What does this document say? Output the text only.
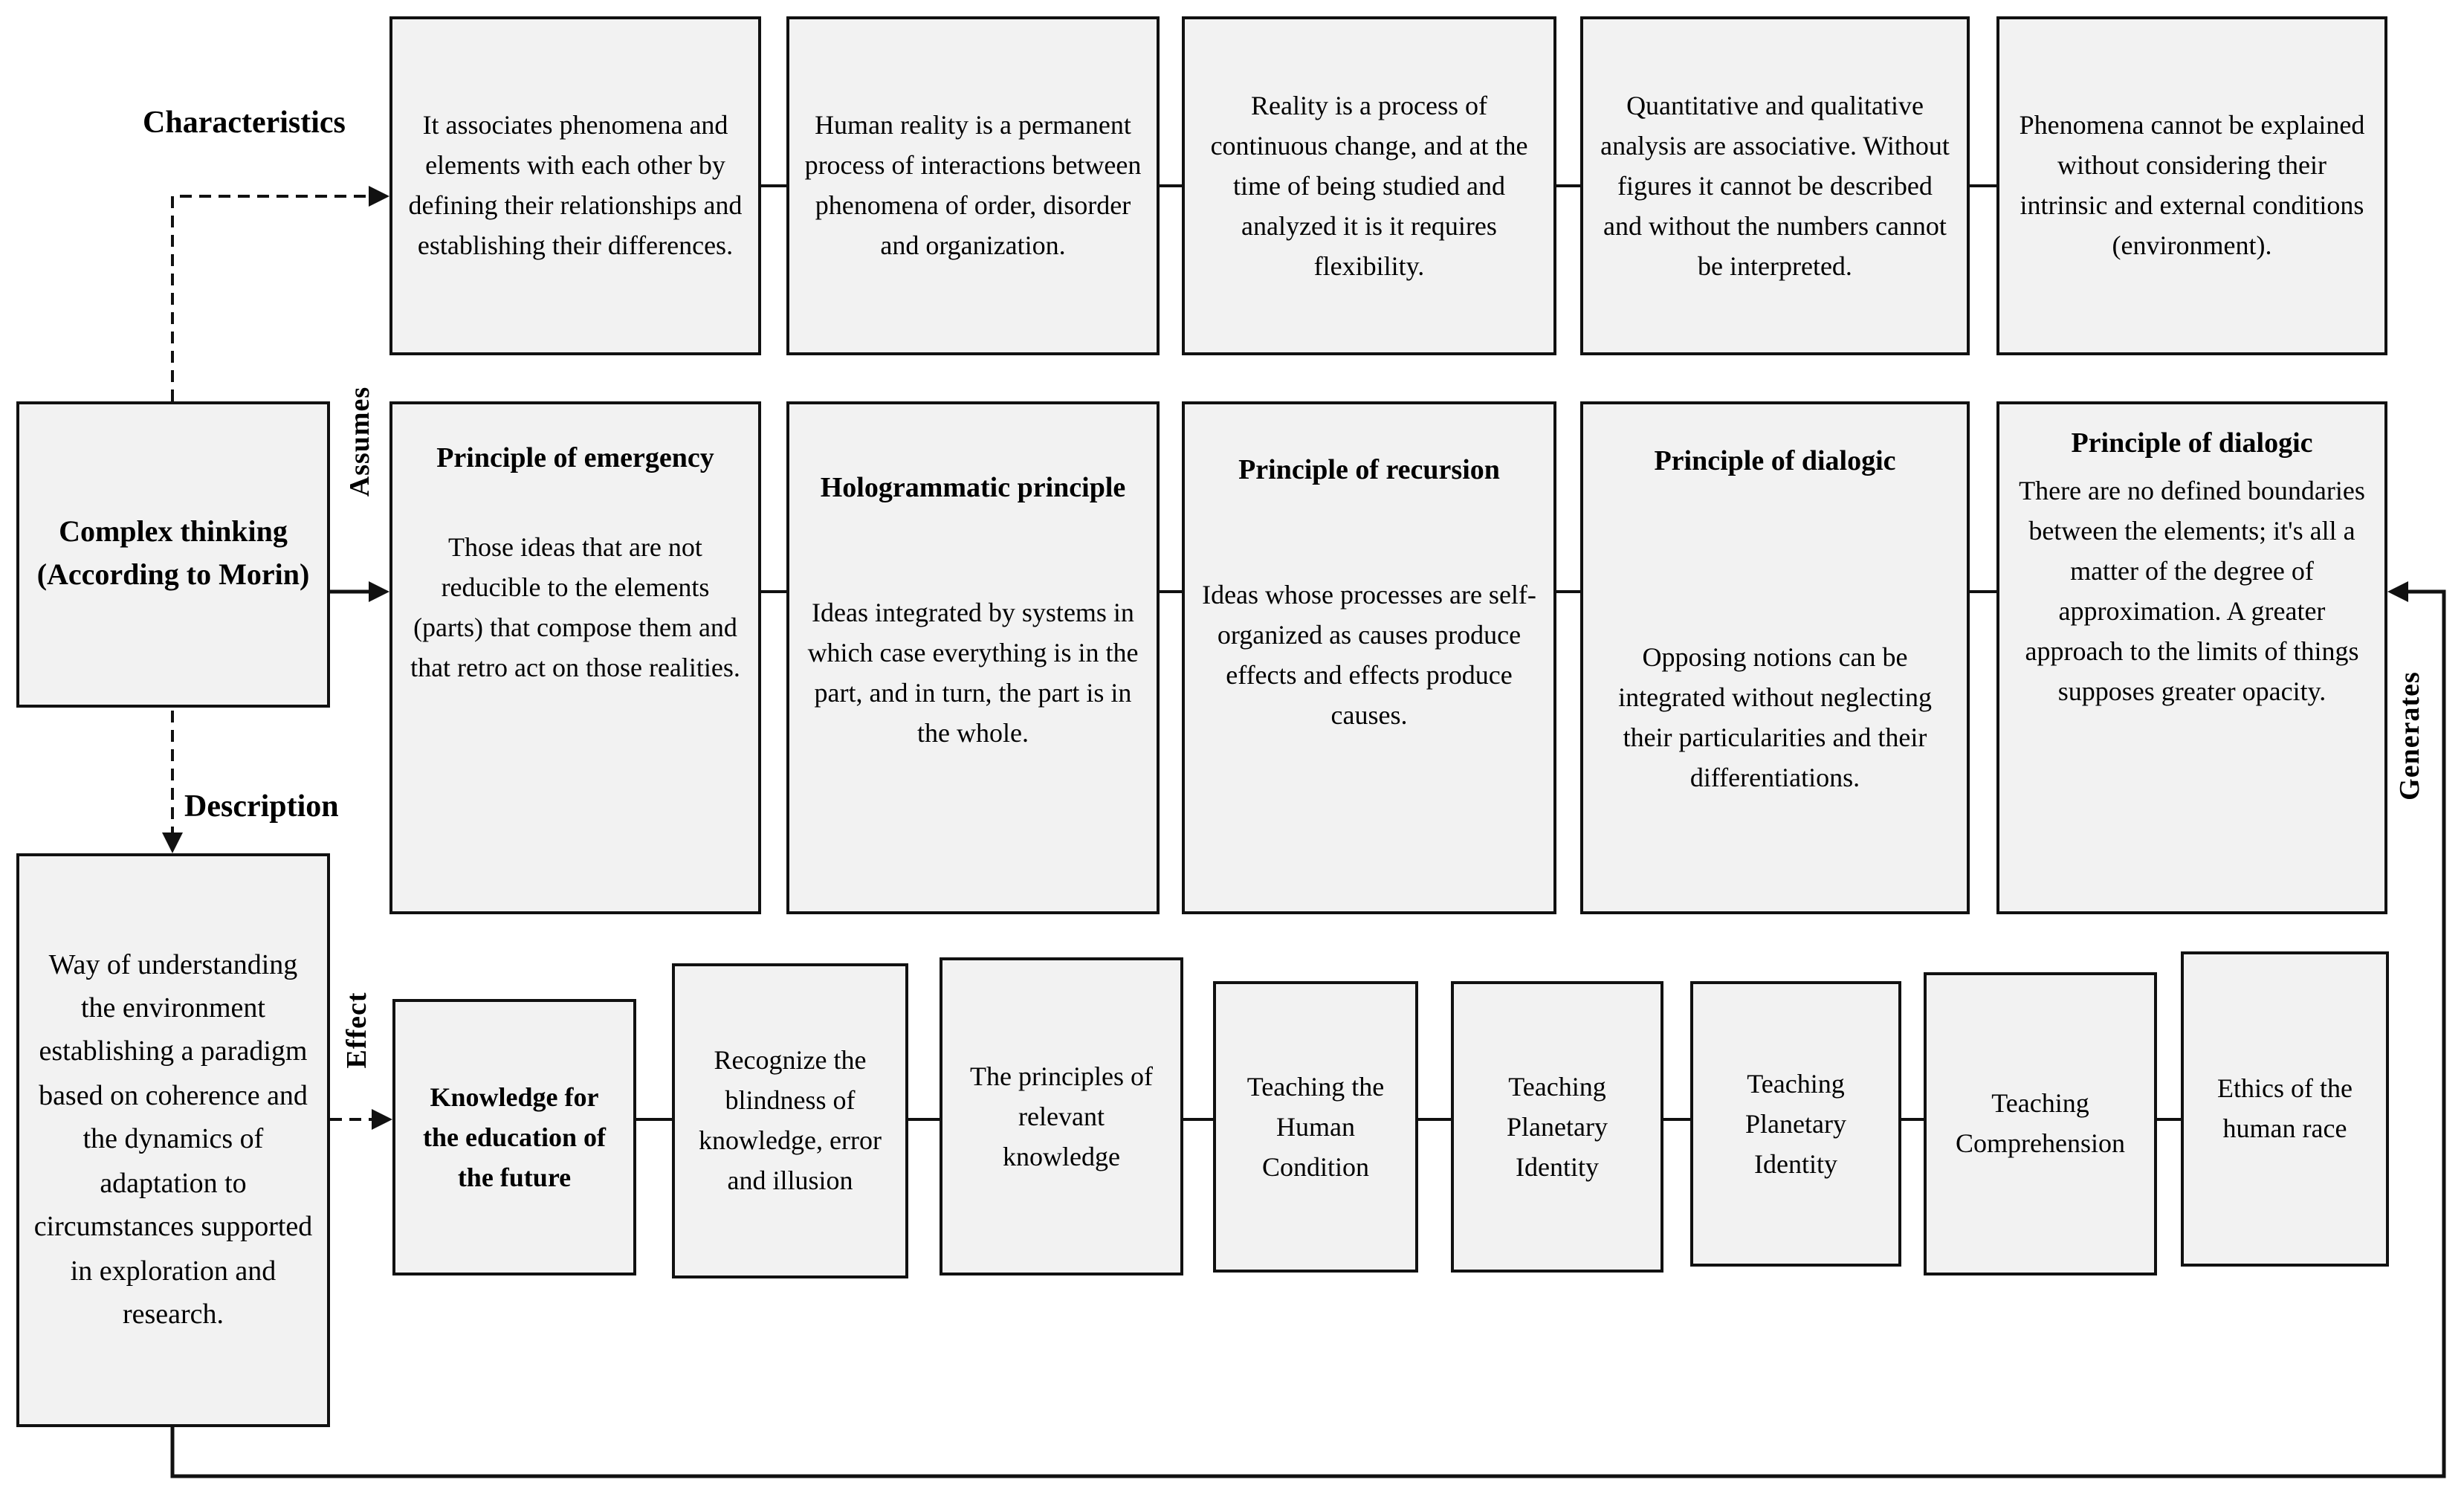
Complex thinking (According to Morin)
Way of understanding the environment establishing a paradigm based on coherence and the dynamics of adaptation to circumstances supported in exploration and research.
Characteristics
Description
Assumes
Effect
Generates
It associates phenomena and elements with each other by defining their relationships and establishing their differences.
Human reality is a permanent process of interactions between phenomena of order, disorder and organization.
Reality is a process of continuous change, and at the time of being studied and analyzed it is it requires flexibility.
Quantitative and qualitative analysis are associative. Without figures it cannot be described and without the numbers cannot be interpreted.
Phenomena cannot be explained without considering their intrinsic and external conditions (environment).
Principle of emergency
Those ideas that are not reducible to the elements (parts) that compose them and that retro act on those realities.
Hologrammatic principle
Ideas integrated by systems in which case everything is in the part, and in turn, the part is in the whole.
Principle of recursion
Ideas whose processes are self-organized as causes produce effects and effects produce causes.
Principle of dialogic
Opposing notions can be integrated without neglecting their particularities and their differentiations.
Principle of dialogic
There are no defined boundaries between the elements; it's all a matter of the degree of approximation. A greater approach to the limits of things supposes greater opacity.
Knowledge for the education of the future
Recognize the blindness of knowledge, error and illusion
The principles of relevant knowledge
Teaching the Human Condition
Teaching Planetary Identity
Teaching Planetary Identity
Teaching Comprehension
Ethics of the human race
